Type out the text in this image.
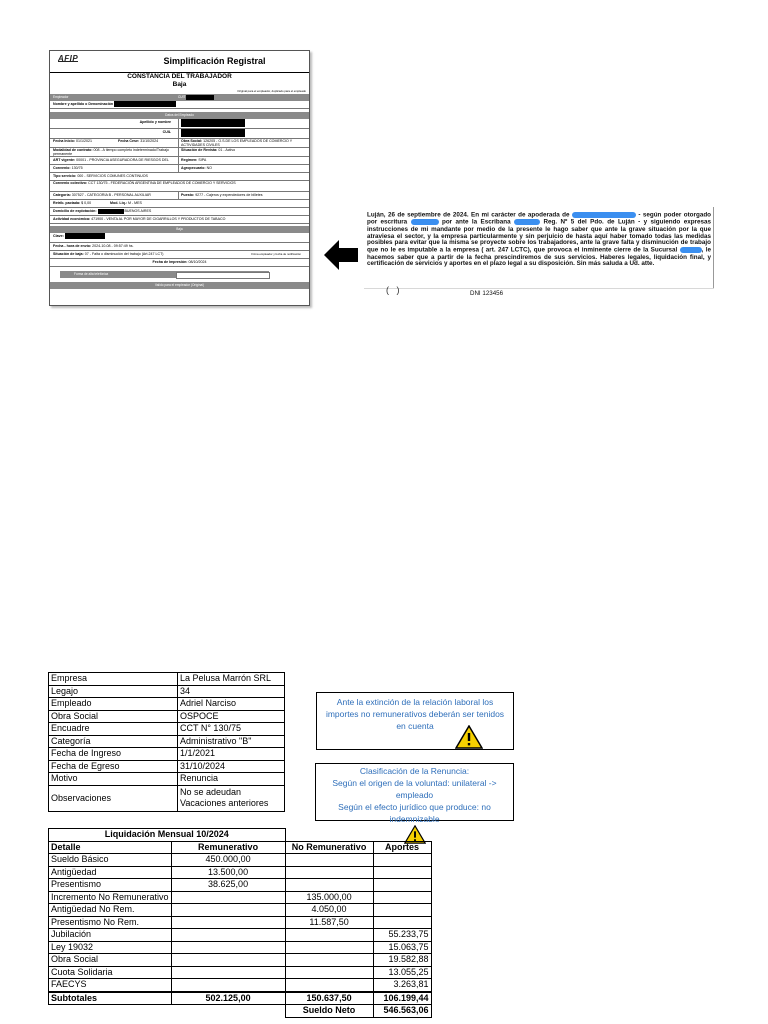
AFIP	Simplificación Registral
CONSTANCIA DEL TRABAJADOR
Baja
Original para el empleador, duplicado para el empleado
Empleador	CUIT
Nombre y apellido o Denominación
Datos del Empleado
Apellido y nombre
CUIL
Fecha Inicio: 01/1/2021	Fecha Cese: 31/10/2024	Obra Social: 126205 - O.S.DE LOS EMPLEADOS DE COMERCIO Y ACTIVIDADES CIVILES
Modalidad de contrato: 008 - A tiempo completo indeterminado/Trabajo permanente
Situación de Revista: 01 - Activo
ART vigente: 00001 - PROVINCIA ASEGURADORA DE RIESGOS DEL	Regimen: SIPA
Convenio: 130/75	Agropecuario: NO
Tipo servicio: 000 - SERVICIOS COMUNES CONTINUOS
Convenio colectivo: CCT 130/75 - FEDERACIÓN ARGENTINA DE EMPLEADOS DE COMERCIO Y SERVICIOS
Categoría: 307527 - CATEGORIA B - PERSONAL AUXILIAR	Puesto: 9277 - Cajeros y expendedores de billetes
Retrib. pactada: $ 0,00	Mod. Liq.: M - MES
Domicilio de explotación:	BUENOS AIRES
Actividad económica: 471900 - VENTA AL POR MAYOR DE CIGARRILLOS Y PRODUCTOS DE TABACO
Baja
Clave:
Fecha - hora de envío: 2024-10-08 - 09:57:49 hs.
Situación de baja: 07 - Falta o disminución del trabajo (Art.247 LCT)	Firma empleador y fecha de notificación
Fecha de Impresión: 08/10/2024
Forma de alta telefónica
Valido para el empleador (Original)
Luján, 26 de septiembre de 2024. En mi carácter de apoderada de	- según poder otorgado por escritura	por ante la Escribana	Reg. Nº 5 del Pdo. de Luján - y siguiendo expresas instrucciones de mi mandante por medio de la presente le hago saber que ante la grave situación por la que atraviesa el sector, y la empresa particularmente y sin perjuicio de hasta aquí haber tomado todas las medidas posibles para evitar que la misma se proyecte sobre los trabajadores, ante la grave falta y disminución de trabajo que no le es imputable a la empresa ( art. 247 LCTC), que provoca el inminente cierre de la Sucursal	, le hacemos saber que a partir de la fecha prescindiremos de sus servicios. Haberes legales, liquidación final, y certificación de servicios y aportes en el plazo legal a su disposición. Sin más saluda a Ud. atte.
(   )	DNI 123456
Empresa	La Pelusa Marrón SRL
Legajo	34
Empleado	Adriel Narciso
Obra Social	OSPOCE
Encuadre	CCT N° 130/75
Categoría	Administrativo "B"
Fecha de Ingreso	1/1/2021
Fecha de Egreso	31/10/2024
Motivo	Renuncia
Observaciones	No se adeudan
Vacaciones anteriores
Ante la extinción de la relación laboral los
importes no remunerativos deberán ser tenidos
en cuenta
Clasificación de la Renuncia:
Según el origen de la voluntad: unilateral -> empleado
Según el efecto jurídico que produce: no indemnizable
Liquidación Mensual 10/2024			
Detalle	Remunerativo	No Remunerativo	Aportes
Sueldo Básico	450.000,00		
Antigüedad	13.500,00		
Presentismo	38.625,00		
Incremento No Remunerativo		135.000,00	
Antigüedad No Rem.		4.050,00	
Presentismo No Rem.		11.587,50	
Jubilación			55.233,75
Ley 19032			15.063,75
Obra Social			19.582,88
Cuota Solidaria			13.055,25
FAECYS			3.263,81
Subtotales	502.125,00	150.637,50	106.199,44
		Sueldo Neto	546.563,06
